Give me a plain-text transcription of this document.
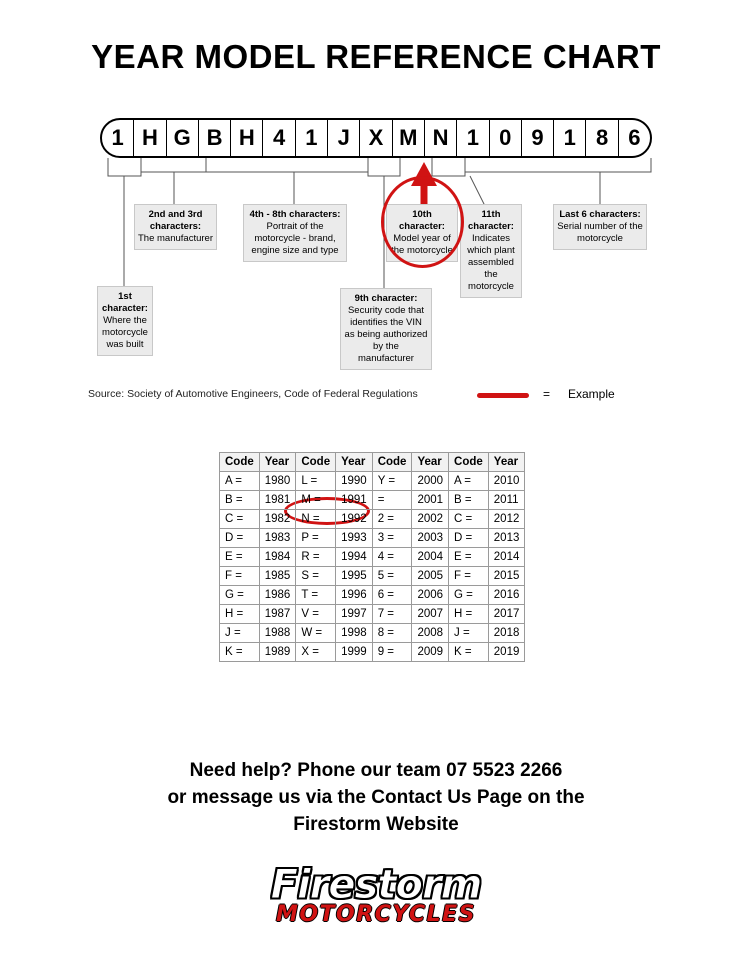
YEAR MODEL REFERENCE CHART
1 H G B H 4 1 J X M N 1 0 9 1 8 6
1st character:
Where the motorcycle was built
2nd and 3rd characters:
The manufacturer
4th - 8th characters:
Portrait of the motorcycle - brand, engine size and type
9th character:
Security code that identifies the VIN as being authorized by the manufacturer
10th character:
Model year of the motorcycle
11th character:
Indicates which plant assembled the motorcycle
Last 6 characters:
Serial number of the motorcycle
Source: Society of Automotive Engineers, Code of Federal Regulations	= Example
Code	Year	Code	Year	Code	Year	Code	Year
A =	1980	L =	1990	Y =	2000	A =	2010
B =	1981	M =	1991	=	2001	B =	2011
C =	1982	N =	1992	2 =	2002	C =	2012
D =	1983	P =	1993	3 =	2003	D =	2013
E =	1984	R =	1994	4 =	2004	E =	2014
F =	1985	S =	1995	5 =	2005	F =	2015
G =	1986	T =	1996	6 =	2006	G =	2016
H =	1987	V =	1997	7 =	2007	H =	2017
J =	1988	W =	1998	8 =	2008	J =	2018
K =	1989	X =	1999	9 =	2009	K =	2019
Need help? Phone our team 07 5523 2266
or message us via the Contact Us Page on the
Firestorm Website
Firestorm
MOTORCYCLES
